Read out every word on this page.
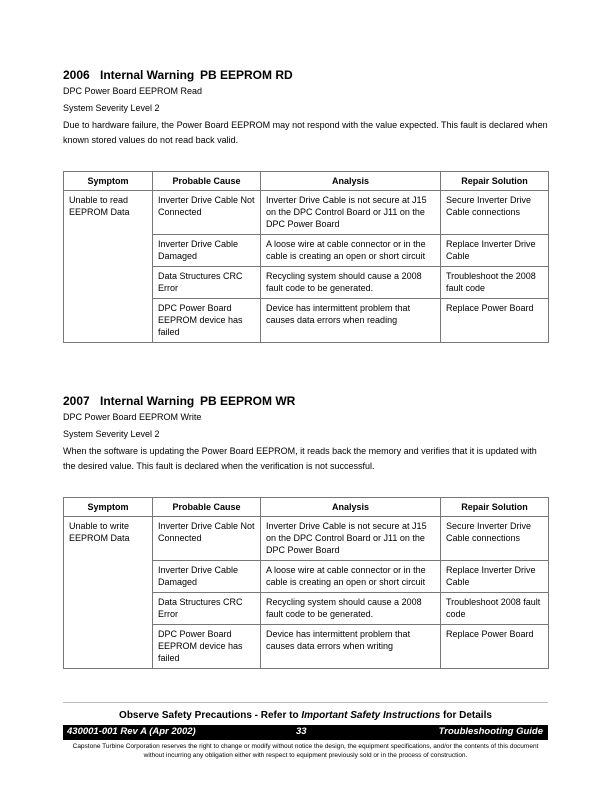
2006 Internal Warning PB EEPROM RD
DPC Power Board EEPROM Read
System Severity Level 2
Due to hardware failure, the Power Board EEPROM may not respond with the value expected. This fault is declared when known stored values do not read back valid.
Symptom	Probable Cause	Analysis	Repair Solution
Unable to read EEPROM Data	Inverter Drive Cable Not Connected	Inverter Drive Cable is not secure at J15 on the DPC Control Board or J11 on the DPC Power Board	Secure Inverter Drive Cable connections
	Inverter Drive Cable Damaged	A loose wire at cable connector or in the cable is creating an open or short circuit	Replace Inverter Drive Cable
	Data Structures CRC Error	Recycling system should cause a 2008 fault code to be generated.	Troubleshoot the 2008 fault code
	DPC Power Board EEPROM device has failed	Device has intermittent problem that causes data errors when reading	Replace Power Board
2007 Internal Warning PB EEPROM WR
DPC Power Board EEPROM Write
System Severity Level 2
When the software is updating the Power Board EEPROM, it reads back the memory and verifies that it is updated with the desired value. This fault is declared when the verification is not successful.
Symptom	Probable Cause	Analysis	Repair Solution
Unable to write EEPROM Data	Inverter Drive Cable Not Connected	Inverter Drive Cable is not secure at J15 on the DPC Control Board or J11 on the DPC Power Board	Secure Inverter Drive Cable connections
	Inverter Drive Cable Damaged	A loose wire at cable connector or in the cable is creating an open or short circuit	Replace Inverter Drive Cable
	Data Structures CRC Error	Recycling system should cause a 2008 fault code to be generated.	Troubleshoot 2008 fault code
	DPC Power Board EEPROM device has failed	Device has intermittent problem that causes data errors when writing	Replace Power Board
Observe Safety Precautions - Refer to Important Safety Instructions for Details
430001-001 Rev A (Apr 2002)	33	Troubleshooting Guide
Capstone Turbine Corporation reserves the right to change or modify without notice the design, the equipment specifications, and/or the contents of this document without incurring any obligation either with respect to equipment previously sold or in the process of construction.
